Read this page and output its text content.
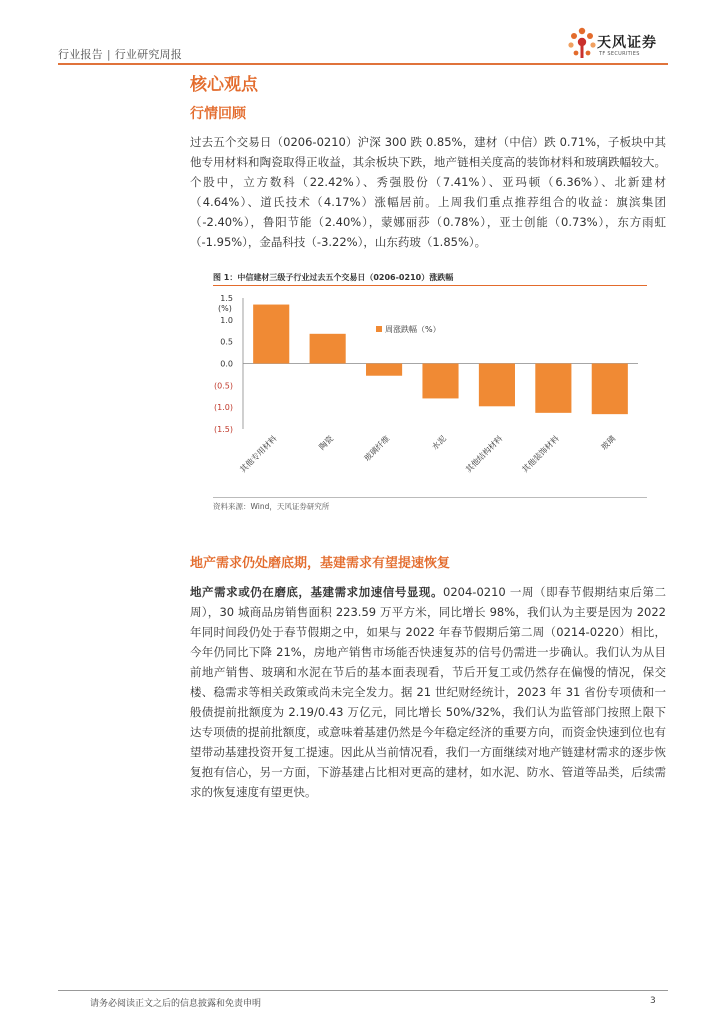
行业报告 | 行业研究周报
天风证券
TF SECURITIES
核心观点
行情回顾
过去五个交易日（0206-0210）沪深 300 跌 0.85%，建材（中信）跌 0.71%，子板块中其他专用材料和陶瓷取得正收益，其余板块下跌，地产链相关度高的装饰材料和玻璃跌幅较大。个股中，立方数科（22.42%）、秀强股份（7.41%）、亚玛顿（6.36%）、北新建材（4.64%）、道氏技术（4.17%）涨幅居前。上周我们重点推荐组合的收益：旗滨集团（-2.40%），鲁阳节能（2.40%），蒙娜丽莎（0.78%），亚士创能（0.73%），东方雨虹（-1.95%），金晶科技（-3.22%），山东药玻（1.85%）。
图 1：中信建材三级子行业过去五个交易日（0206-0210）涨跌幅
1.5
1.0
0.5
0.0
(0.5)
(1.0)
(1.5)
其他专用材料	陶瓷	玻璃纤维	水泥 其他结构材料 其他装饰材料	玻璃
周涨跌幅（%）
(%)
资料来源：Wind，天风证券研究所
地产需求仍处磨底期，基建需求有望提速恢复
地产需求或仍在磨底，基建需求加速信号显现。0204-0210 一周（即春节假期结束后第二周），30 城商品房销售面积 223.59 万平方米，同比增长 98%，我们认为主要是因为 2022 年同时间段仍处于春节假期之中，如果与 2022 年春节假期后第二周（0214-0220）相比，今年仍同比下降 21%，房地产销售市场能否快速复苏的信号仍需进一步确认。我们认为从目前地产销售、玻璃和水泥在节后的基本面表现看，节后开复工或仍然存在偏慢的情况，保交楼、稳需求等相关政策或尚未完全发力。据 21 世纪财经统计，2023 年 31 省份专项债和一般债提前批额度为 2.19/0.43 万亿元，同比增长 50%/32%，我们认为监管部门按照上限下达专项债的提前批额度，或意味着基建仍然是今年稳定经济的重要方向，而资金快速到位也有望带动基建投资开复工提速。因此从当前情况看，我们一方面继续对地产链建材需求的逐步恢复抱有信心，另一方面，下游基建占比相对更高的建材，如水泥、防水、管道等品类，后续需求的恢复速度有望更快。
请务必阅读正文之后的信息披露和免责申明	3
